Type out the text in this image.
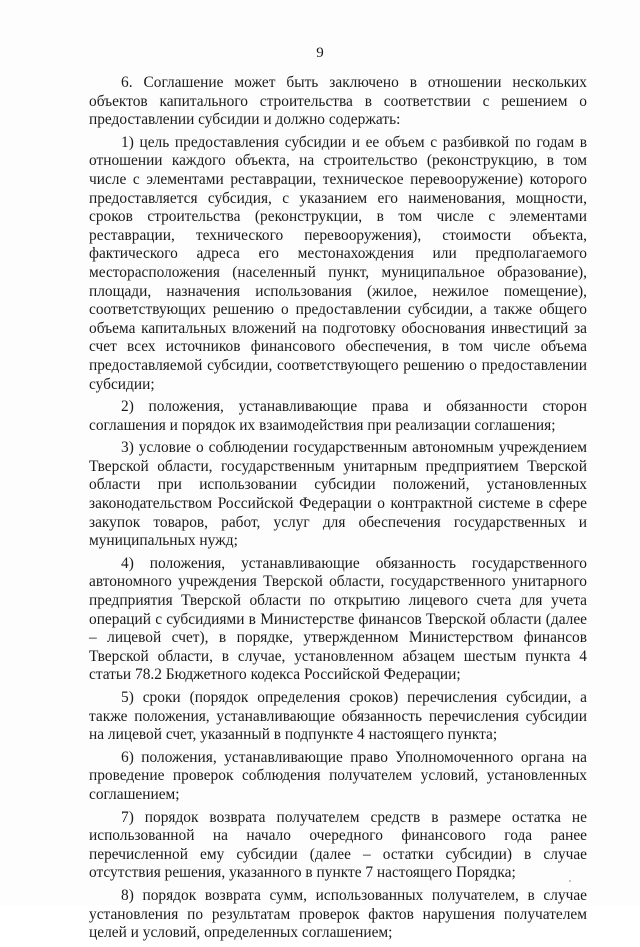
9

6. Соглашение может быть заключено в отношении нескольких объектов капитального строительства в соответствии с решением о предоставлении субсидии и должно содержать:

1) цель предоставления субсидии и ее объем с разбивкой по годам в отношении каждого объекта, на строительство (реконструкцию, в том числе с элементами реставрации, техническое перевооружение) которого предоставляется субсидия, с указанием его наименования, мощности, сроков строительства (реконструкции, в том числе с элементами реставрации, технического перевооружения), стоимости объекта, фактического адреса его местонахождения или предполагаемого месторасположения (населенный пункт, муниципальное образование), площади, назначения использования (жилое, нежилое помещение), соответствующих решению о предоставлении субсидии, а также общего объема капитальных вложений на подготовку обоснования инвестиций за счет всех источников финансового обеспечения, в том числе объема предоставляемой субсидии, соответствующего решению о предоставлении субсидии;

2) положения, устанавливающие права и обязанности сторон соглашения и порядок их взаимодействия при реализации соглашения;

3) условие о соблюдении государственным автономным учреждением Тверской области, государственным унитарным предприятием Тверской области при использовании субсидии положений, установленных законодательством Российской Федерации о контрактной системе в сфере закупок товаров, работ, услуг для обеспечения государственных и муниципальных нужд;

4) положения, устанавливающие обязанность государственного автономного учреждения Тверской области, государственного унитарного предприятия Тверской области по открытию лицевого счета для учета операций с субсидиями в Министерстве финансов Тверской области (далее – лицевой счет), в порядке, утвержденном Министерством финансов Тверской области, в случае, установленном абзацем шестым пункта 4 статьи 78.2 Бюджетного кодекса Российской Федерации;

5) сроки (порядок определения сроков) перечисления субсидии, а также положения, устанавливающие обязанность перечисления субсидии на лицевой счет, указанный в подпункте 4 настоящего пункта;

6) положения, устанавливающие право Уполномоченного органа на проведение проверок соблюдения получателем условий, установленных соглашением;

7) порядок возврата получателем средств в размере остатка не использованной на начало очередного финансового года ранее перечисленной ему субсидии (далее – остатки субсидии) в случае отсутствия решения, указанного в пункте 7 настоящего Порядка;

8) порядок возврата сумм, использованных получателем, в случае установления по результатам проверок фактов нарушения получателем целей и условий, определенных соглашением;
